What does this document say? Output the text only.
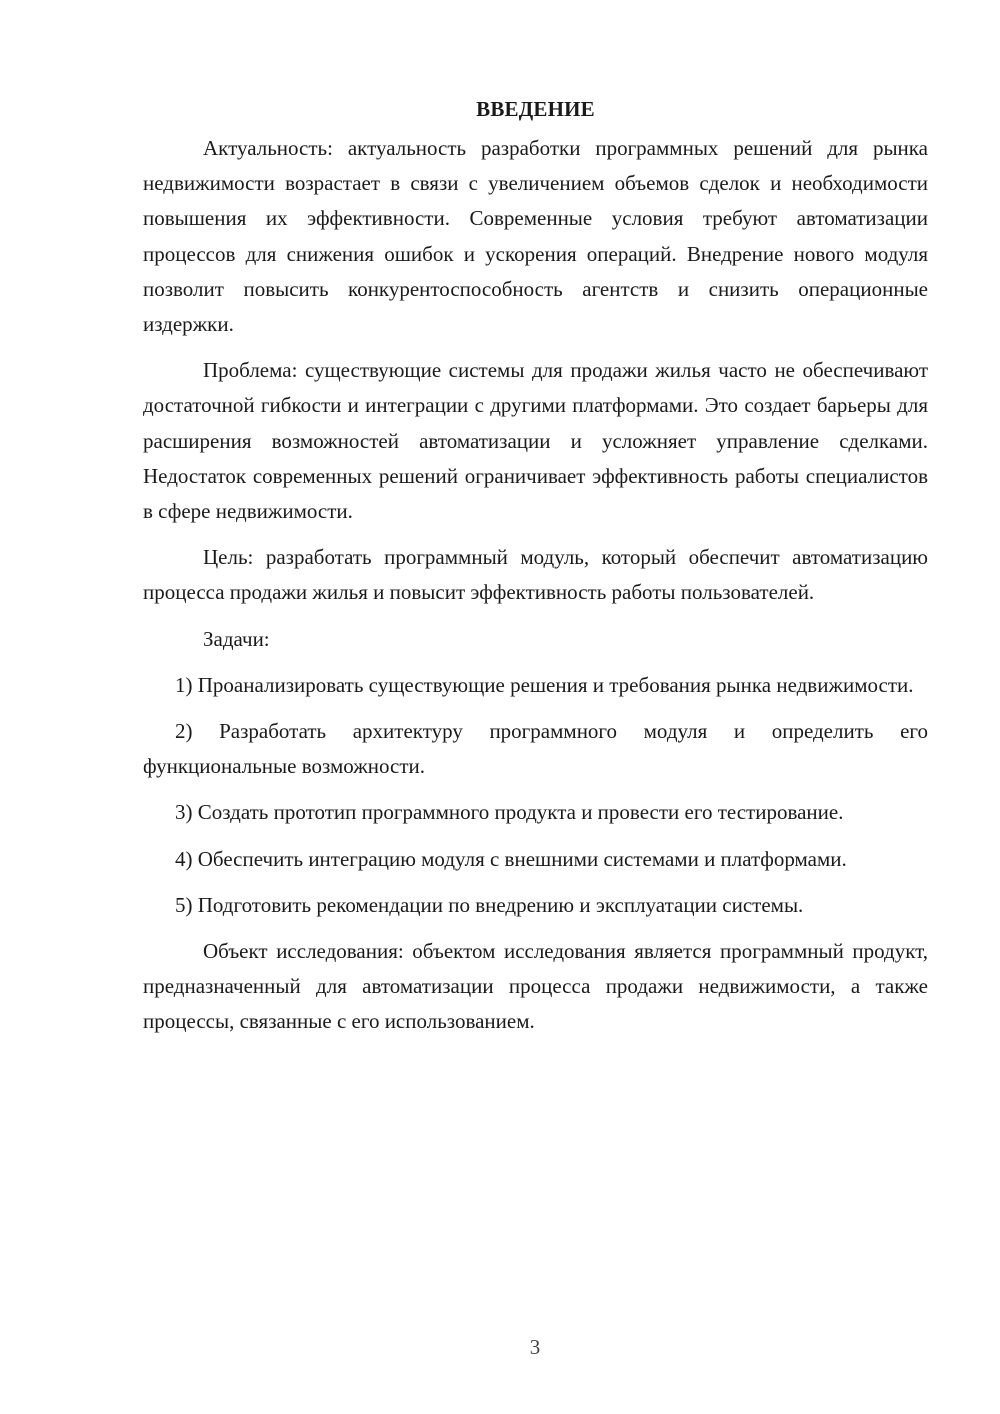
ВВЕДЕНИЕ

Актуальность: актуальность разработки программных решений для рынка недвижимости возрастает в связи с увеличением объемов сделок и необходимости повышения их эффективности. Современные условия требуют автоматизации процессов для снижения ошибок и ускорения операций. Внедрение нового модуля позволит повысить конкурентоспособность агентств и снизить операционные издержки.

Проблема: существующие системы для продажи жилья часто не обеспечивают достаточной гибкости и интеграции с другими платформами. Это создает барьеры для расширения возможностей автоматизации и усложняет управление сделками. Недостаток современных решений ограничивает эффективность работы специалистов в сфере недвижимости.

Цель: разработать программный модуль, который обеспечит автоматизацию процесса продажи жилья и повысит эффективность работы пользователей.

Задачи:

1) Проанализировать существующие решения и требования рынка недвижимости.

2) Разработать архитектуру программного модуля и определить его функциональные возможности.

3) Создать прототип программного продукта и провести его тестирование.

4) Обеспечить интеграцию модуля с внешними системами и платформами.

5) Подготовить рекомендации по внедрению и эксплуатации системы.

Объект исследования: объектом исследования является программный продукт, предназначенный для автоматизации процесса продажи недвижимости, а также процессы, связанные с его использованием.

3
